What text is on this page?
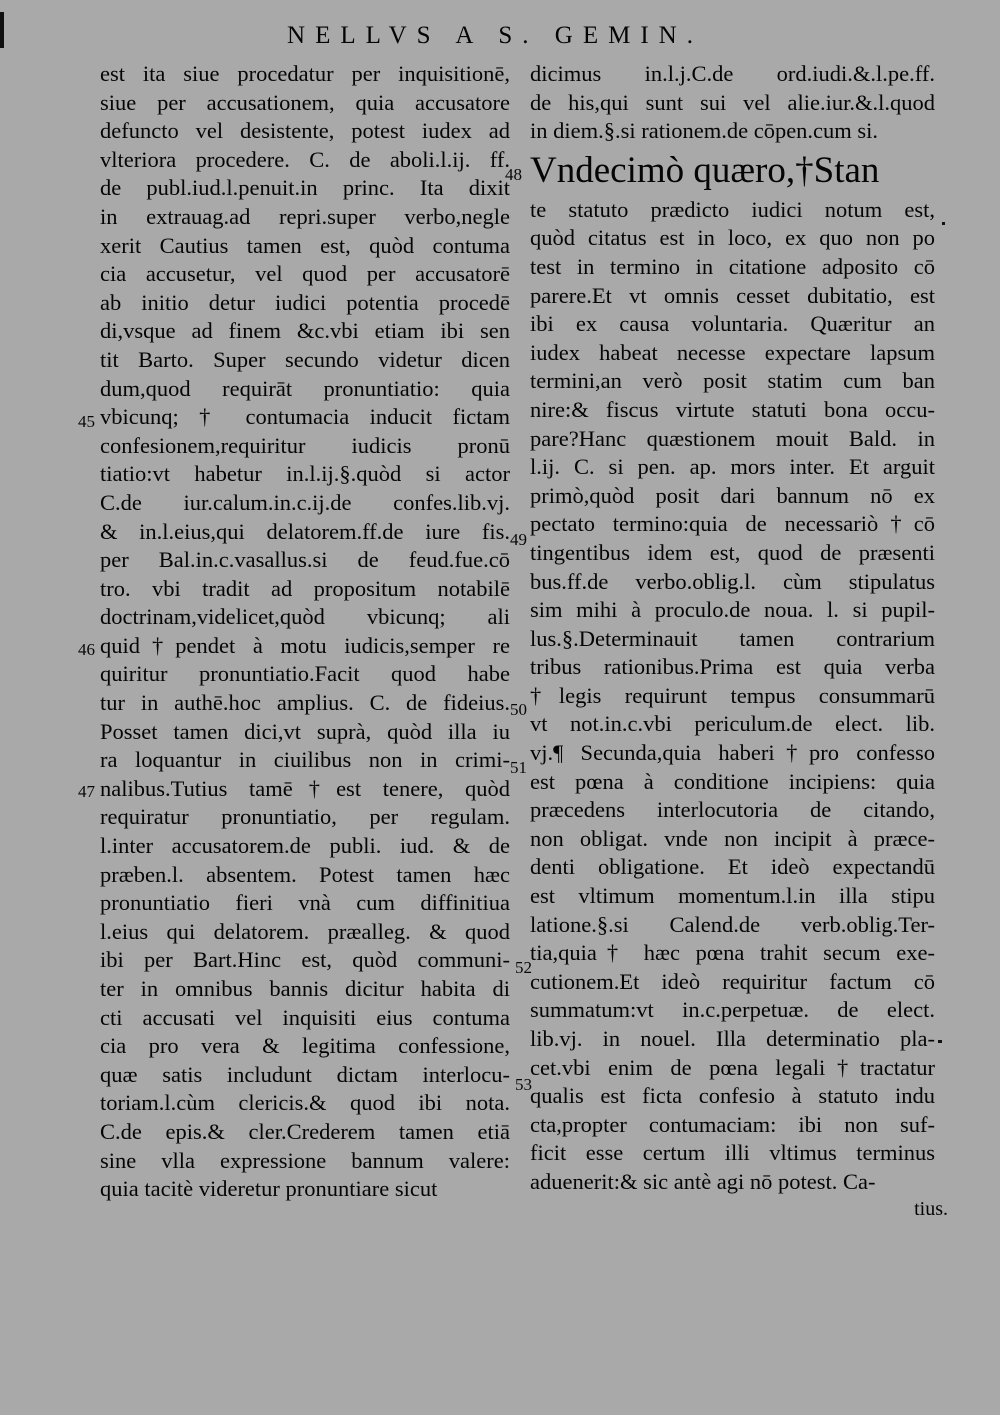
NELLVS A S. GEMIN.
est ita siue procedatur per inquisitionē,
siue per accusationem, quia accusatore
defuncto vel desistente, potest iudex ad
vlteriora procedere. C. de aboli.l.ij. ff.
de publ.iud.l.penuit.in princ. Ita dixit
in extrauag.ad repri.super verbo,negle
xerit Cautius tamen est, quòd contuma
cia accusetur, vel quod per accusatorē
ab initio detur iudici potentia procedē
di,vsque ad finem &c.vbi etiam ibi sen
tit Barto. Super secundo videtur dicen
dum,quod requirāt pronuntiatio: quia
vbicunq; † contumacia inducit fictam
confesionem,requiritur iudicis pronū
tiatio:vt habetur in.l.ij.§.quòd si actor
C.de iur.calum.in.c.ij.de confes.lib.vj.
& in.l.eius,qui delatorem.ff.de iure fis.
per Bal.in.c.vasallus.si de feud.fue.cō
tro. vbi tradit ad propositum notabilē
doctrinam,videlicet,quòd vbicunq; ali
quid†pendet à motu iudicis,semper re
quiritur pronuntiatio.Facit quod habe
tur in authē.hoc amplius. C. de fideius.
Posset tamen dici,vt suprà, quòd illa iu
ra loquantur in ciuilibus non in crimi-
nalibus.Tutius tamē†est tenere, quòd
requiratur pronuntiatio, per regulam.
l.inter accusatorem.de publi. iud. & de
præben.l. absentem. Potest tamen hæc
pronuntiatio fieri vnà cum diffinitiua
l.eius qui delatorem. præalleg. & quod
ibi per Bart.Hinc est, quòd communi-
ter in omnibus bannis dicitur habita di
cti accusati vel inquisiti eius contuma
cia pro vera & legitima confessione,
quæ satis includunt dictam interlocu-
toriam.l.cùm clericis.& quod ibi nota.
C.de epis.& cler.Crederem tamen etiā
sine vlla expressione bannum valere:
quia tacitè videretur pronuntiare sicut
dicimus in.l.j.C.de ord.iudi.&.l.pe.ff.
de his,qui sunt sui vel alie.iur.&.l.quod
in diem.§.si rationem.de cōpen.cum si.
Vndecimò quæro,†Stan
te statuto prædicto iudici notum est,
quòd citatus est in loco, ex quo non po
test in termino in citatione adposito cō
parere.Et vt omnis cesset dubitatio, est
ibi ex causa voluntaria. Quæritur an
iudex habeat necesse expectare lapsum
termini,an verò posit statim cum ban
nire:& fiscus virtute statuti bona occu-
pare?Hanc quæstionem mouit Bald. in
l.ij. C. si pen. ap. mors inter. Et arguit
primò,quòd posit dari bannum nō ex
pectato termino:quia de necessariò†cō
tingentibus idem est, quod de præsenti
bus.ff.de verbo.oblig.l. cùm stipulatus
sim mihi à proculo.de noua. l. si pupil-
lus.§.Determinauit tamen contrarium
tribus rationibus.Prima est quia verba
†legis requirunt tempus consummarū
vt not.in.c.vbi periculum.de elect. lib.
vj.¶ Secunda,quia haberi†pro confesso
est pœna à conditione incipiens: quia
præcedens interlocutoria de citando,
non obligat. vnde non incipit à præce-
denti obligatione. Et ideò expectandū
est vltimum momentum.l.in illa stipu
latione.§.si Calend.de verb.oblig.Ter-
tia,quia† hæc pœna trahit secum exe-
cutionem.Et ideò requiritur factum cō
summatum:vt in.c.perpetuæ. de elect.
lib.vj. in nouel. Illa determinatio pla-
cet.vbi enim de pœna legali†tractatur
qualis est ficta confesio à statuto indu
cta,propter contumaciam: ibi non suf-
ficit esse certum illi vltimus terminus
aduenerit:& sic antè agi nō potest. Ca-
45
46
47
48
49
50
51
52
53
tius.
